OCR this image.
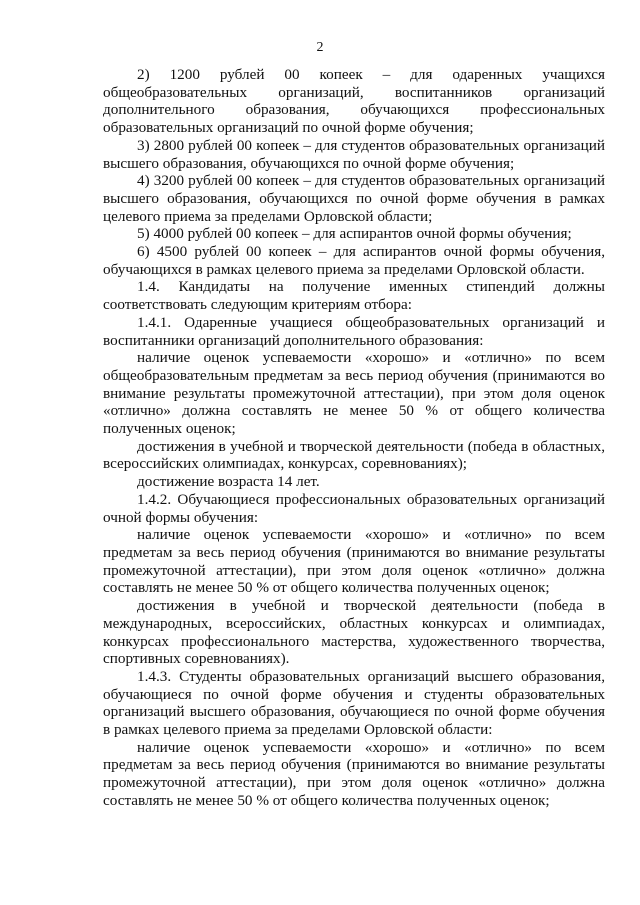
2

2) 1200 рублей 00 копеек – для одаренных учащихся общеобразовательных организаций, воспитанников организаций дополнительного образования, обучающихся профессиональных образовательных организаций по очной форме обучения;

3) 2800 рублей 00 копеек – для студентов образовательных организаций высшего образования, обучающихся по очной форме обучения;

4) 3200 рублей 00 копеек – для студентов образовательных организаций высшего образования, обучающихся по очной форме обучения в рамках целевого приема за пределами Орловской области;

5) 4000 рублей 00 копеек – для аспирантов очной формы обучения;

6) 4500 рублей 00 копеек – для аспирантов очной формы обучения, обучающихся в рамках целевого приема за пределами Орловской области.

1.4. Кандидаты на получение именных стипендий должны соответствовать следующим критериям отбора:

1.4.1. Одаренные учащиеся общеобразовательных организаций и воспитанники организаций дополнительного образования:

наличие оценок успеваемости «хорошо» и «отлично» по всем общеобразовательным предметам за весь период обучения (принимаются во внимание результаты промежуточной аттестации), при этом доля оценок «отлично» должна составлять не менее 50 % от общего количества полученных оценок;

достижения в учебной и творческой деятельности (победа в областных, всероссийских олимпиадах, конкурсах, соревнованиях);

достижение возраста 14 лет.

1.4.2. Обучающиеся профессиональных образовательных организаций очной формы обучения:

наличие оценок успеваемости «хорошо» и «отлично» по всем предметам за весь период обучения (принимаются во внимание результаты промежуточной аттестации), при этом доля оценок «отлично» должна составлять не менее 50 % от общего количества полученных оценок;

достижения в учебной и творческой деятельности (победа в международных, всероссийских, областных конкурсах и олимпиадах, конкурсах профессионального мастерства, художественного творчества, спортивных соревнованиях).

1.4.3. Студенты образовательных организаций высшего образования, обучающиеся по очной форме обучения и студенты образовательных организаций высшего образования, обучающиеся по очной форме обучения в рамках целевого приема за пределами Орловской области:

наличие оценок успеваемости «хорошо» и «отлично» по всем предметам за весь период обучения (принимаются во внимание результаты промежуточной аттестации), при этом доля оценок «отлично» должна составлять не менее 50 % от общего количества полученных оценок;
